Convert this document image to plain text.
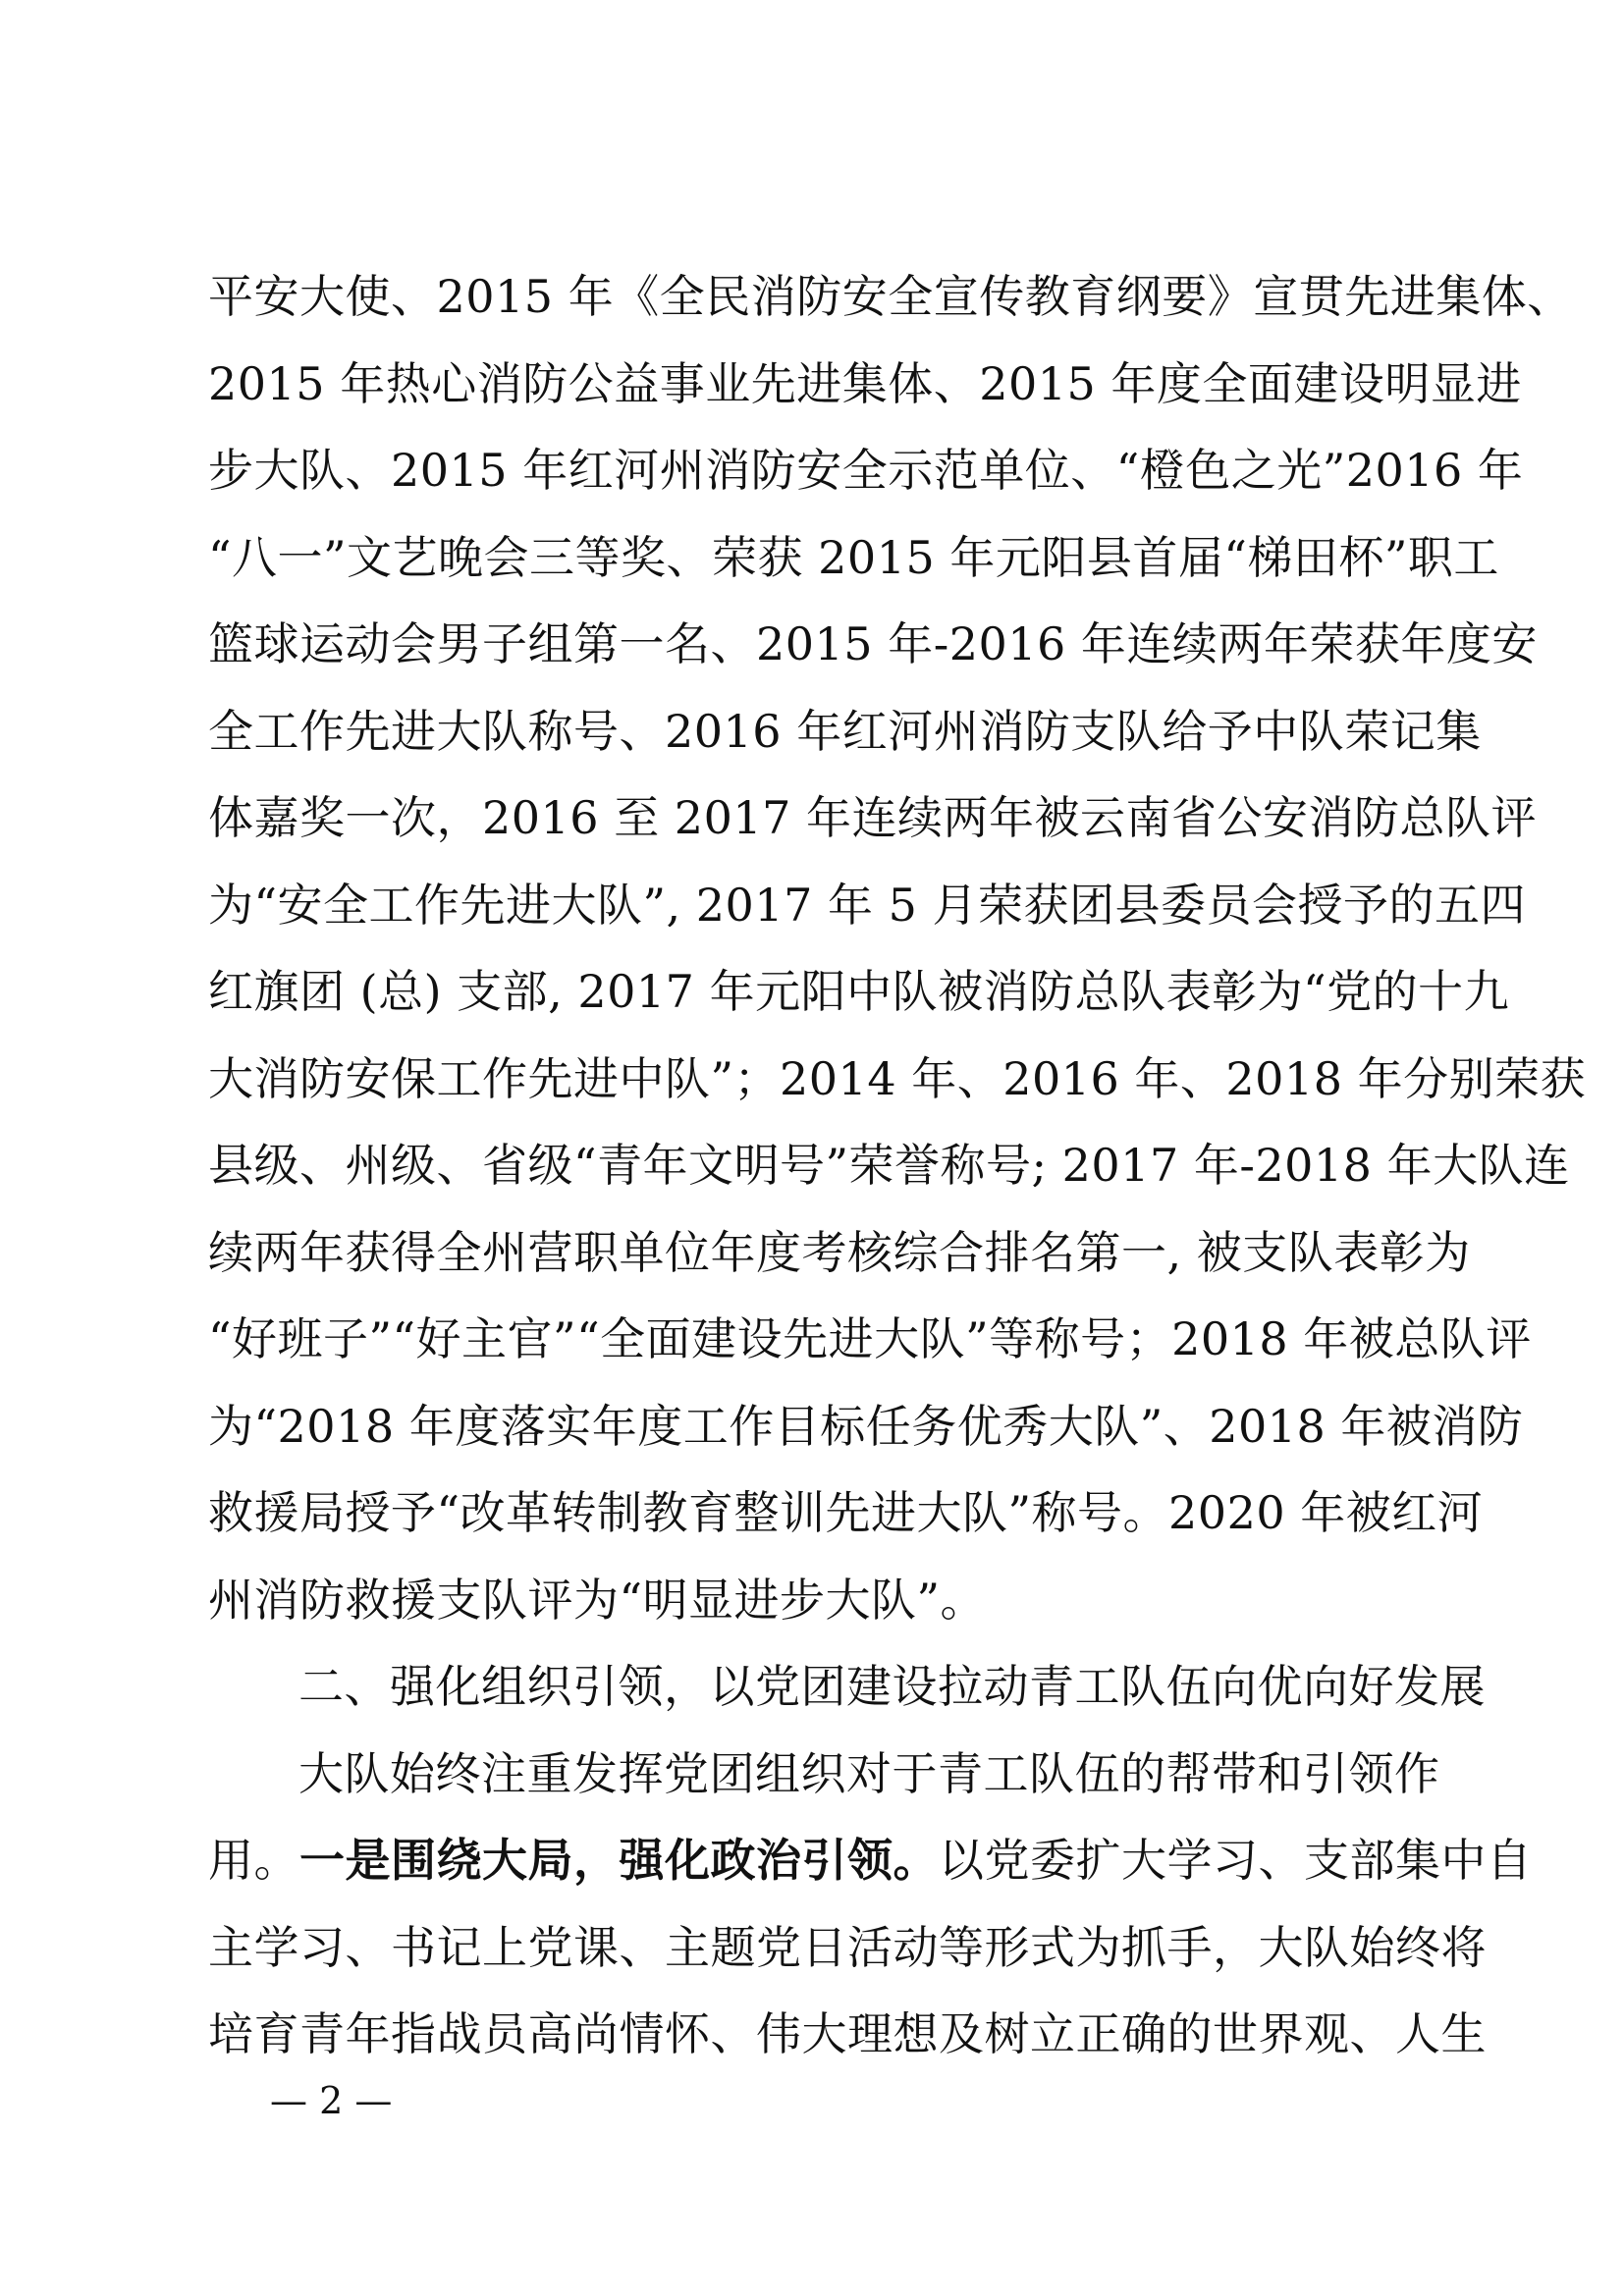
平安大使、2015 年《全民消防安全宣传教育纲要》宣贯先进集体、
2015 年热心消防公益事业先进集体、2015 年度全面建设明显进
步大队、2015 年红河州消防安全示范单位、“橙色之光”2016 年
“八一”文艺晚会三等奖、荣获 2015 年元阳县首届“梯田杯”职工
篮球运动会男子组第一名、2015 年-2016 年连续两年荣获年度安
全工作先进大队称号、2016 年红河州消防支队给予中队荣记集
体嘉奖一次，2016 至 2017 年连续两年被云南省公安消防总队评
为“安全工作先进大队”, 2017 年 5 月荣获团县委员会授予的五四
红旗团 (总) 支部, 2017 年元阳中队被消防总队表彰为“党的十九
大消防安保工作先进中队”；2014 年、2016 年、2018 年分别荣获
县级、州级、省级“青年文明号”荣誉称号; 2017 年-2018 年大队连
续两年获得全州营职单位年度考核综合排名第一, 被支队表彰为
“好班子”“好主官”“全面建设先进大队”等称号；2018 年被总队评
为“2018 年度落实年度工作目标任务优秀大队”、2018 年被消防
救援局授予“改革转制教育整训先进大队”称号。2020 年被红河
州消防救援支队评为“明显进步大队”。
二、强化组织引领，以党团建设拉动青工队伍向优向好发展
大队始终注重发挥党团组织对于青工队伍的帮带和引领作
用。一是围绕大局，强化政治引领。以党委扩大学习、支部集中自
主学习、书记上党课、主题党日活动等形式为抓手，大队始终将
培育青年指战员高尚情怀、伟大理想及树立正确的世界观、人生
— 2 —
